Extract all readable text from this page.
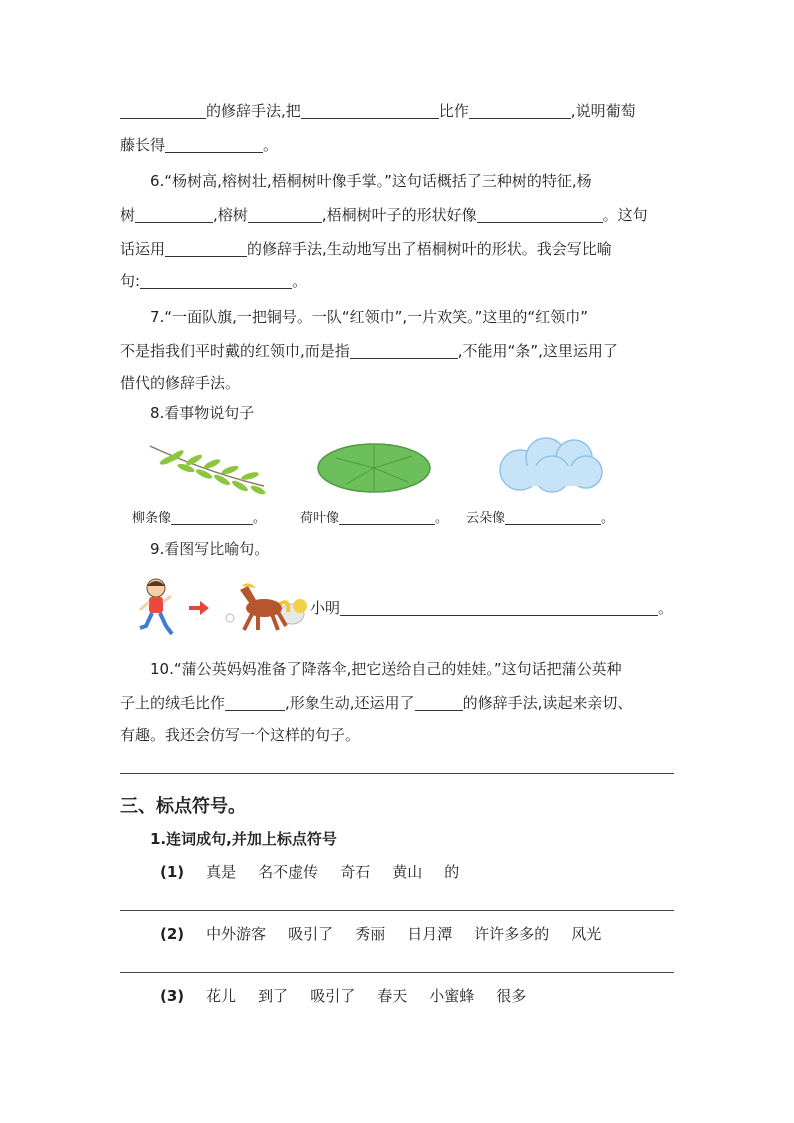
的修辞手法,把	比作	,说明葡萄
藤长得	。
6.“杨树高,榕树壮,梧桐树叶像手掌。”这句话概括了三种树的特征,杨
树	,榕树	,梧桐树叶子的形状好像	。这句
话运用	的修辞手法,生动地写出了梧桐树叶的形状。我会写比喻
句:	。
7.“一面队旗,一把铜号。一队“红领巾”,一片欢笑。”这里的“红领巾”
不是指我们平时戴的红领巾,而是指	,不能用“条”,这里运用了
借代的修辞手法。
8.看事物说句子
柳条像	。	荷叶像	。 云朵像	。
9.看图写比喻句。
小明	。
10.“蒲公英妈妈准备了降落伞,把它送给自己的娃娃。”这句话把蒲公英种
子上的绒毛比作	,形象生动,还运用了	的修辞手法,读起来亲切、
有趣。我还会仿写一个这样的句子。
三、标点符号。
1.连词成句,并加上标点符号
(1) 真是 名不虚传 奇石 黄山 的
(2) 中外游客 吸引了 秀丽 日月潭 许许多多的 风光
(3) 花儿 到了 吸引了 春天 小蜜蜂 很多
